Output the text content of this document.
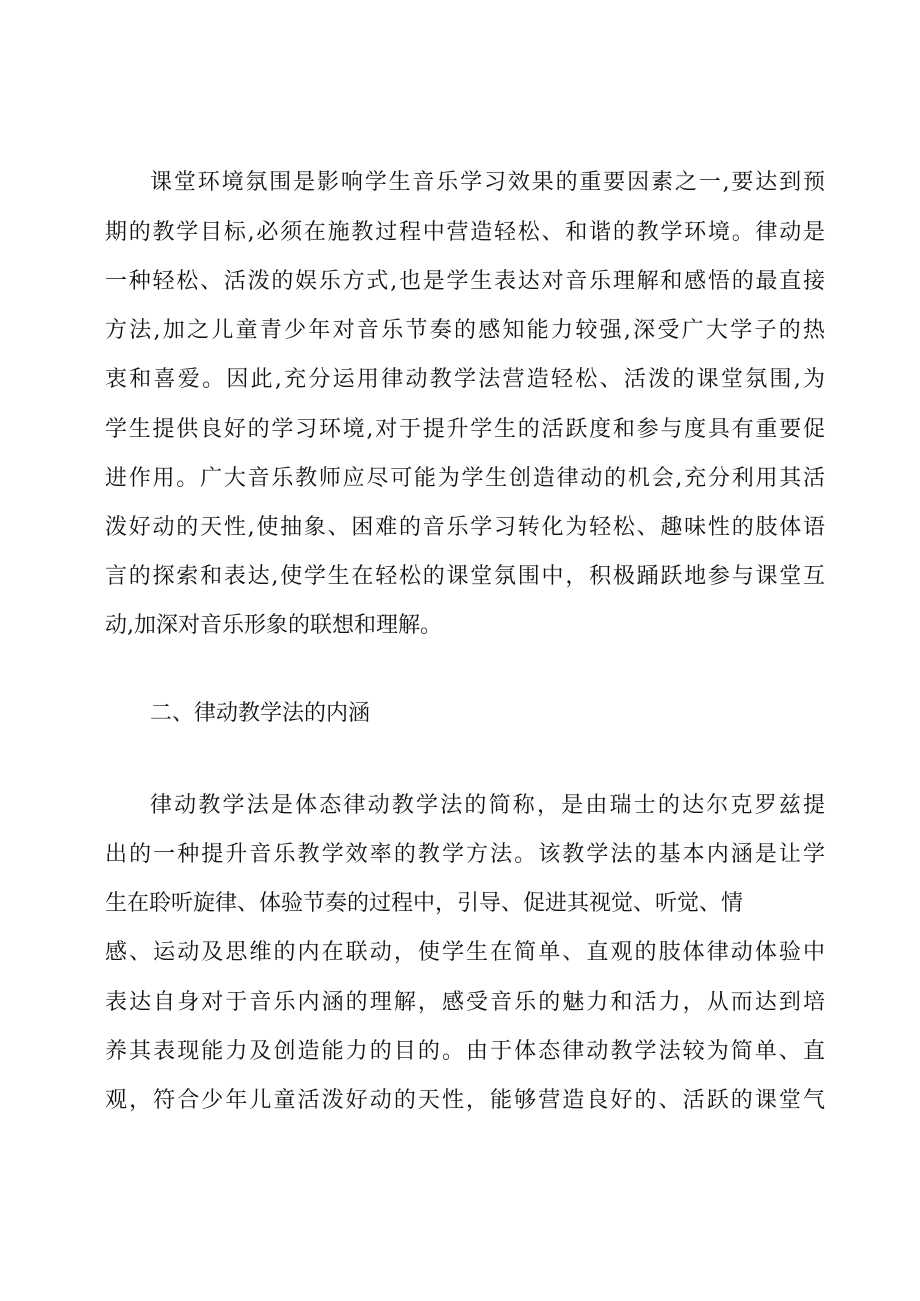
课堂环境氛围是影响学生音乐学习效果的重要因素之一,要达到预
期的教学目标,必须在施教过程中营造轻松、和谐的教学环境。律动是
一种轻松、活泼的娱乐方式,也是学生表达对音乐理解和感悟的最直接
方法,加之儿童青少年对音乐节奏的感知能力较强,深受广大学子的热
衷和喜爱。因此,充分运用律动教学法营造轻松、活泼的课堂氛围,为
学生提供良好的学习环境,对于提升学生的活跃度和参与度具有重要促
进作用。广大音乐教师应尽可能为学生创造律动的机会,充分利用其活
泼好动的天性,使抽象、困难的音乐学习转化为轻松、趣味性的肢体语
言的探索和表达,使学生在轻松的课堂氛围中，积极踊跃地参与课堂互
动,加深对音乐形象的联想和理解。
二、律动教学法的内涵
律动教学法是体态律动教学法的简称，是由瑞士的达尔克罗兹提
出的一种提升音乐教学效率的教学方法。该教学法的基本内涵是让学
生在聆听旋律、体验节奏的过程中，引导、促进其视觉、听觉、情
感、运动及思维的内在联动，使学生在简单、直观的肢体律动体验中
表达自身对于音乐内涵的理解，感受音乐的魅力和活力，从而达到培
养其表现能力及创造能力的目的。由于体态律动教学法较为简单、直
观，符合少年儿童活泼好动的天性，能够营造良好的、活跃的课堂气
